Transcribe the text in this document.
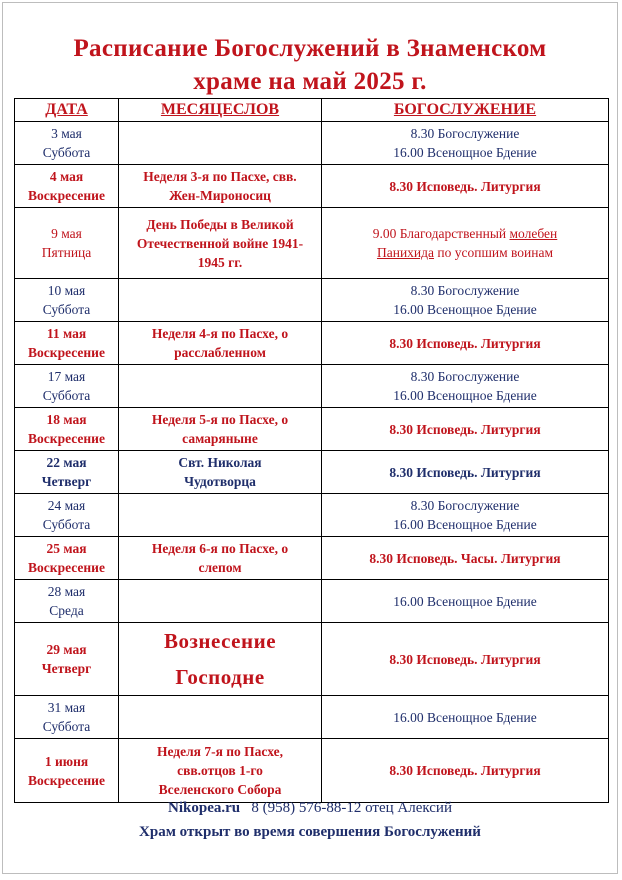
Расписание Богослужений в Знаменском
храме на май 2025 г.
ДАТА	МЕСЯЦЕСЛОВ	БОГОСЛУЖЕНИЕ

3 мая
Суббота		8.30 Богослужение
16.00 Всенощное Бдение

4 мая
Воскресение	Неделя 3-я по Пасхе, свв.
Жен-Мироносиц	8.30 Исповедь. Литургия

9 мая
Пятница	День Победы в Великой
Отечественной войне 1941-
1945 гг.	9.00 Благодарственный молебен
Панихида по усопшим воинам

10 мая
Суббота		8.30 Богослужение
16.00 Всенощное Бдение

11 мая
Воскресение	Неделя 4-я по Пасхе, о
расслабленном	8.30 Исповедь. Литургия

17 мая
Суббота		8.30 Богослужение
16.00 Всенощное Бдение

18 мая
Воскресение	Неделя 5-я по Пасхе, о
самаряныне	8.30 Исповедь. Литургия

22 мая
Четверг	Свт. Николая
Чудотворца	8.30 Исповедь. Литургия

24 мая
Суббота		8.30 Богослужение
16.00 Всенощное Бдение

25 мая
Воскресение	Неделя 6-я по Пасхе, о
слепом	8.30 Исповедь. Часы. Литургия

28 мая
Среда		16.00 Всенощное Бдение

29 мая
Четверг	Вознесение
Господне	8.30 Исповедь. Литургия

31 мая
Суббота		16.00 Всенощное Бдение

1 июня
Воскресение	Неделя 7-я по Пасхе,
свв.отцов 1-го
Вселенского Собора	8.30 Исповедь. Литургия
Nikopea.ru 8 (958) 576-88-12 отец Алексий
Храм открыт во время совершения Богослужений
